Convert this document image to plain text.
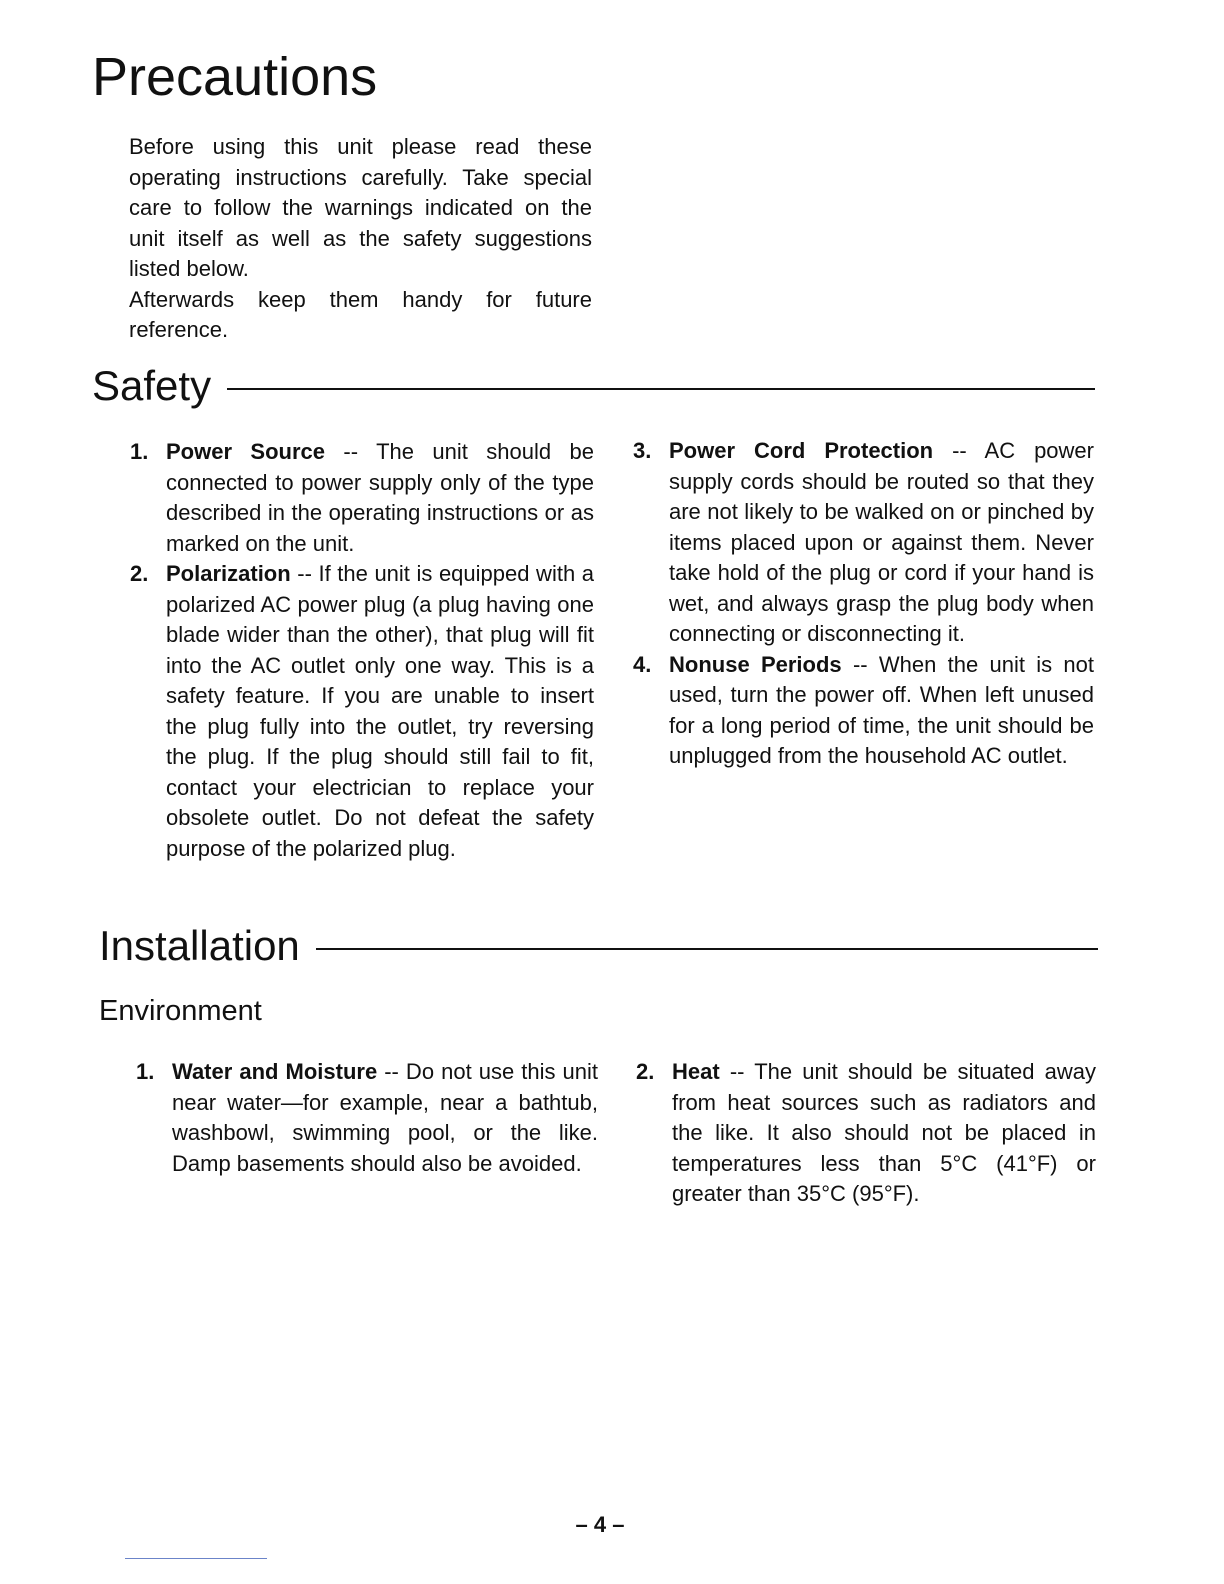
Precautions

Before using this unit please read these operating instructions carefully. Take special care to follow the warnings indicated on the unit itself as well as the safety suggestions listed below.

Afterwards keep them handy for future reference.

Safety
1. Power Source -- The unit should be connected to power supply only of the type described in the operating instructions or as marked on the unit.
2. Polarization -- If the unit is equipped with a polarized AC power plug (a plug having one blade wider than the other), that plug will fit into the AC outlet only one way. This is a safety feature. If you are unable to insert the plug fully into the outlet, try reversing the plug. If the plug should still fail to fit, contact your electrician to replace your obsolete outlet. Do not defeat the safety purpose of the polarized plug.
3. Power Cord Protection -- AC power supply cords should be routed so that they are not likely to be walked on or pinched by items placed upon or against them. Never take hold of the plug or cord if your hand is wet, and always grasp the plug body when connecting or disconnecting it.
4. Nonuse Periods -- When the unit is not used, turn the power off. When left unused for a long period of time, the unit should be unplugged from the household AC outlet.
Installation
Environment
1. Water and Moisture -- Do not use this unit near water—for example, near a bathtub, washbowl, swimming pool, or the like. Damp basements should also be avoided.
2. Heat -- The unit should be situated away from heat sources such as radiators and the like. It also should not be placed in temperatures less than 5°C (41°F) or greater than 35°C (95°F).
– 4 –
